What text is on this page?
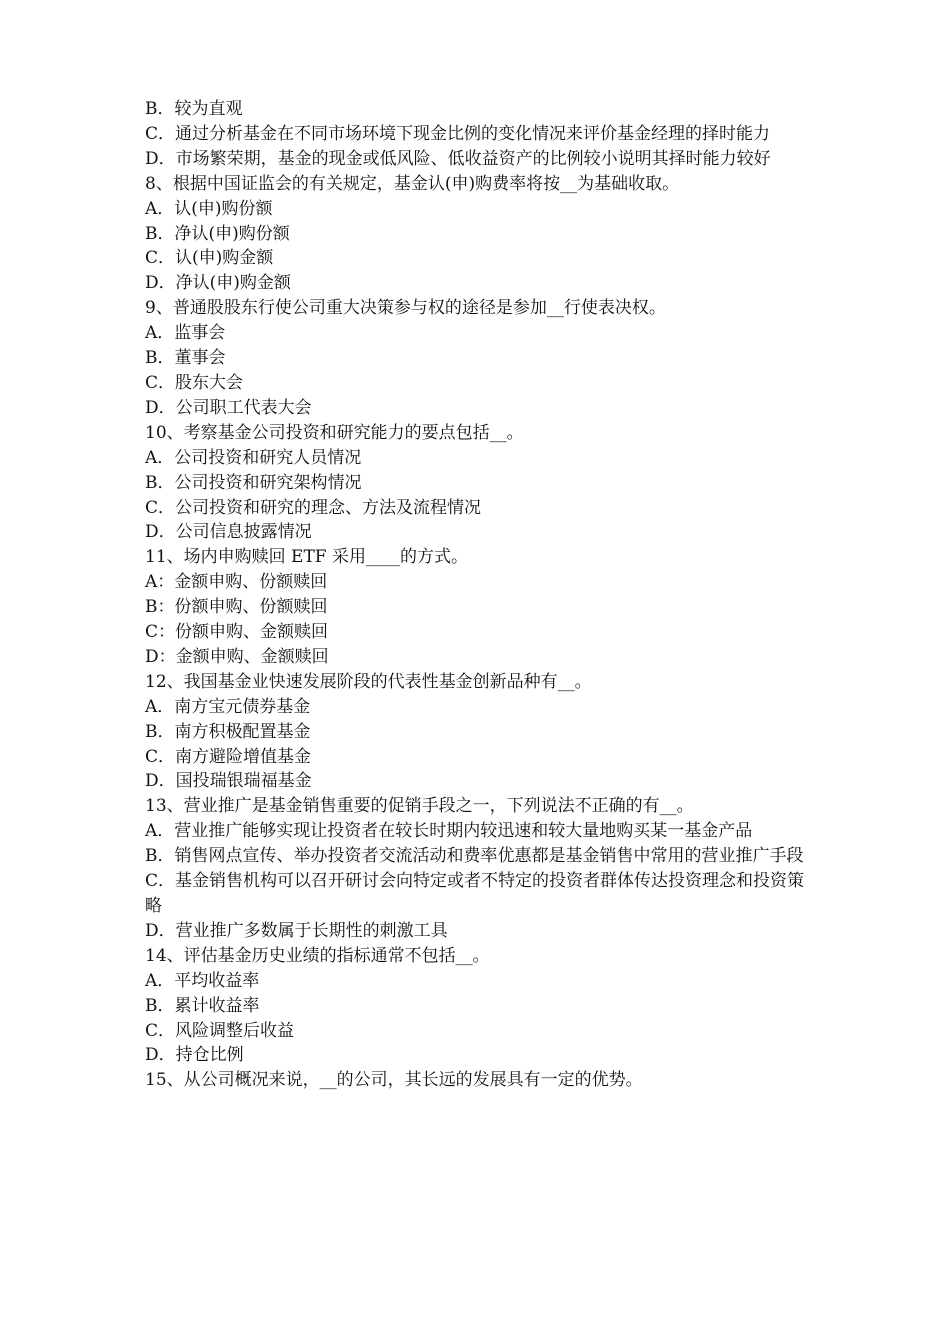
B．较为直观
C．通过分析基金在不同市场环境下现金比例的变化情况来评价基金经理的择时能力
D．市场繁荣期，基金的现金或低风险、低收益资产的比例较小说明其择时能力较好
8、根据中国证监会的有关规定，基金认(申)购费率将按__为基础收取。
A．认(申)购份额
B．净认(申)购份额
C．认(申)购金额
D．净认(申)购金额
9、普通股股东行使公司重大决策参与权的途径是参加__行使表决权。
A．监事会
B．董事会
C．股东大会
D．公司职工代表大会
10、考察基金公司投资和研究能力的要点包括__。
A．公司投资和研究人员情况
B．公司投资和研究架构情况
C．公司投资和研究的理念、方法及流程情况
D．公司信息披露情况
11、场内申购赎回 ETF 采用____的方式。
A：金额申购、份额赎回
B：份额申购、份额赎回
C：份额申购、金额赎回
D：金额申购、金额赎回
12、我国基金业快速发展阶段的代表性基金创新品种有__。
A．南方宝元债券基金
B．南方积极配置基金
C．南方避险增值基金
D．国投瑞银瑞福基金
13、营业推广是基金销售重要的促销手段之一，下列说法不正确的有__。
A．营业推广能够实现让投资者在较长时期内较迅速和较大量地购买某一基金产品
B．销售网点宣传、举办投资者交流活动和费率优惠都是基金销售中常用的营业推广手段
C．基金销售机构可以召开研讨会向特定或者不特定的投资者群体传达投资理念和投资策略
D．营业推广多数属于长期性的刺激工具
14、评估基金历史业绩的指标通常不包括__。
A．平均收益率
B．累计收益率
C．风险调整后收益
D．持仓比例
15、从公司概况来说，__的公司，其长远的发展具有一定的优势。
